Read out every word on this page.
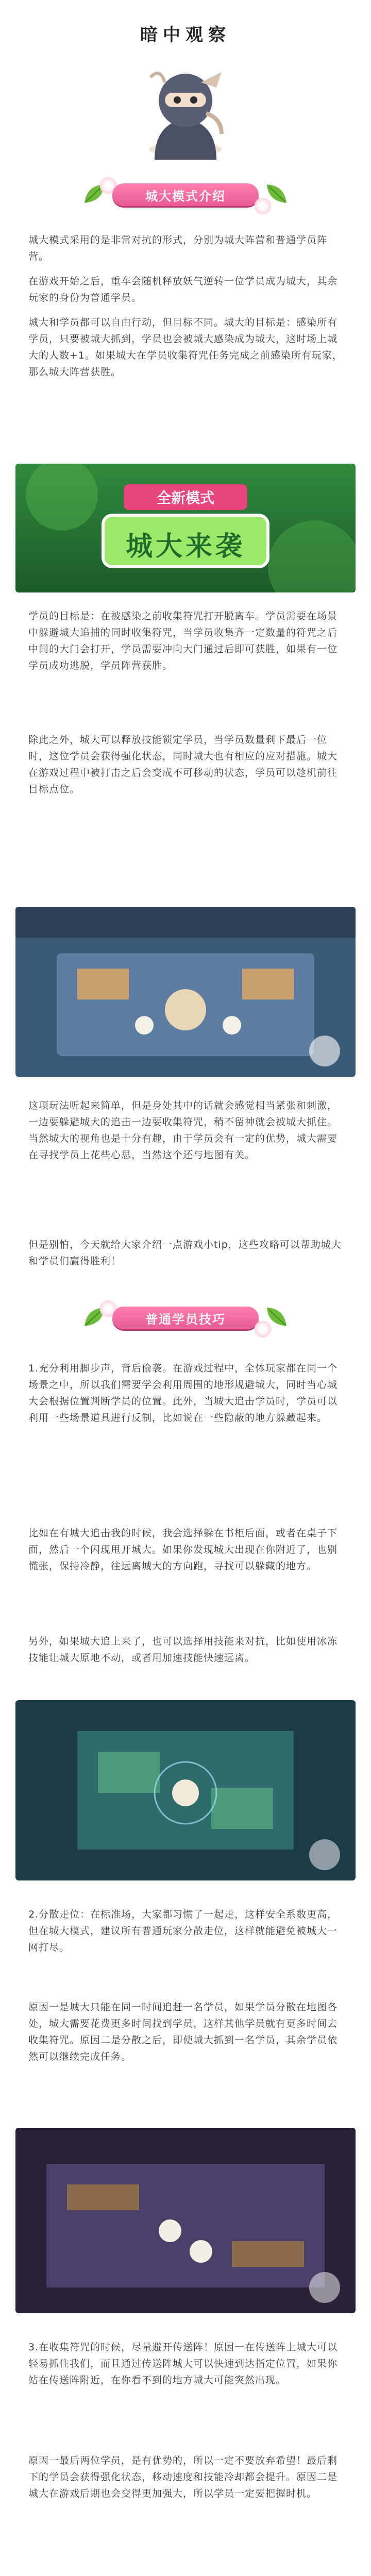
暗中观察
城大模式介绍

城大模式采用的是非常对抗的形式，分别为城大阵营和普通学员阵营。

在游戏开始之后，重车会随机释放妖气逆转一位学员成为城大，其余玩家的身份为普通学员。

城大和学员都可以自由行动，但目标不同。城大的目标是：感染所有学员，只要被城大抓到，学员也会被城大感染成为城大，这时场上城大的人数+1。如果城大在学员收集符咒任务完成之前感染所有玩家，那么城大阵营获胜。

全新模式
城大来袭

学员的目标是：在被感染之前收集符咒打开脱离车。学员需要在场景中躲避城大追捕的同时收集符咒，当学员收集齐一定数量的符咒之后中间的大门会打开，学员需要冲向大门通过后即可获胜，如果有一位学员成功逃脱，学员阵营获胜。

除此之外，城大可以释放技能锁定学员，当学员数量剩下最后一位时，这位学员会获得强化状态，同时城大也有相应的应对措施。城大在游戏过程中被打击之后会变成不可移动的状态，学员可以趁机前往目标点位。

这项玩法听起来简单，但是身处其中的话就会感觉相当紧张和刺激，一边要躲避城大的追击一边要收集符咒，稍不留神就会被城大抓住。当然城大的视角也是十分有趣，由于学员会有一定的优势，城大需要在寻找学员上花些心思，当然这个还与地图有关。

但是别怕，今天就给大家介绍一点游戏小tip，这些攻略可以帮助城大和学员们赢得胜利！

普通学员技巧

1.充分利用脚步声，背后偷袭。在游戏过程中，全体玩家都在同一个场景之中，所以我们需要学会利用周围的地形规避城大，同时当心城大会根据位置判断学员的位置。此外，当城大追击学员时，学员可以利用一些场景道具进行反制，比如说在一些隐蔽的地方躲藏起来。

比如在有城大追击我的时候，我会选择躲在书柜后面，或者在桌子下面，然后一个闪现甩开城大。如果你发现城大出现在你附近了，也别慌张，保持冷静，往远离城大的方向跑，寻找可以躲藏的地方。

另外，如果城大追上来了，也可以选择用技能来对抗，比如使用冰冻技能让城大原地不动，或者用加速技能快速远离。

2.分散走位：在标准场，大家都习惯了一起走，这样安全系数更高，但在城大模式，建议所有普通玩家分散走位，这样就能避免被城大一网打尽。

原因一是城大只能在同一时间追赶一名学员，如果学员分散在地图各处，城大需要花费更多时间找到学员，这样其他学员就有更多时间去收集符咒。原因二是分散之后，即使城大抓到一名学员，其余学员依然可以继续完成任务。

3.在收集符咒的时候，尽量避开传送阵！原因一在传送阵上城大可以轻易抓住我们，而且通过传送阵城大可以快速到达指定位置，如果你站在传送阵附近，在你看不到的地方城大可能突然出现。

原因一最后两位学员，是有优势的，所以一定不要放弃希望！最后剩下的学员会获得强化状态，移动速度和技能冷却都会提升。原因二是城大在游戏后期也会变得更加强大，所以学员一定要把握时机。
